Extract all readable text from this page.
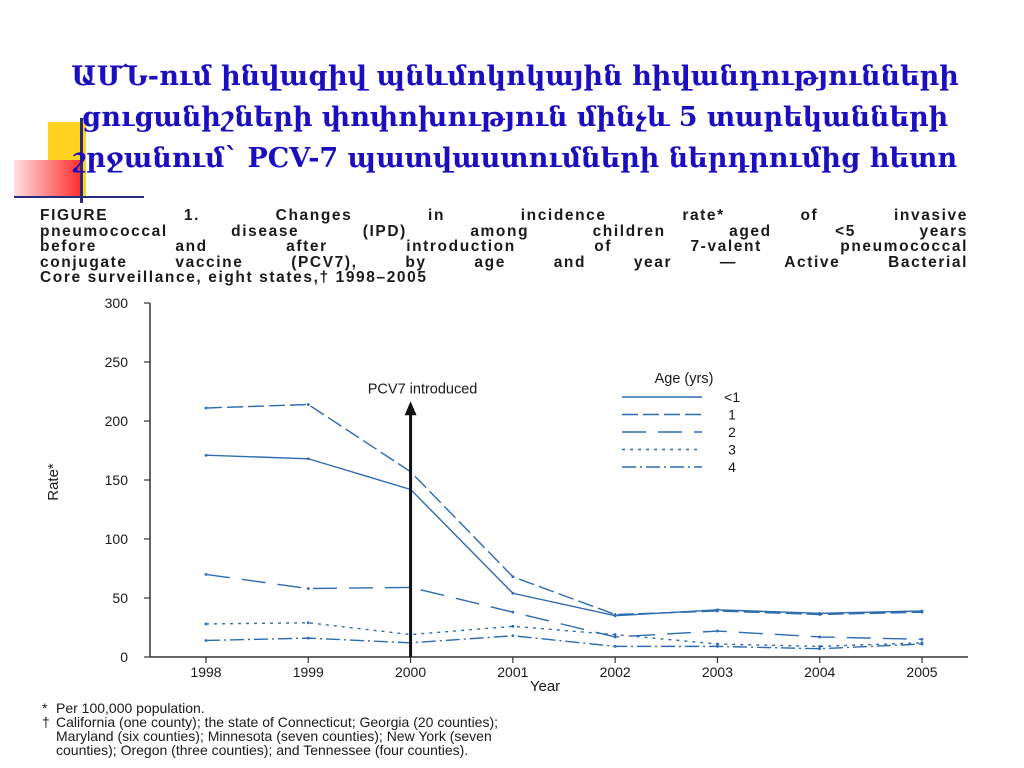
ԱՄՆ-ում ինվազիվ պնևմոկոկային հիվանդությունների
ցուցանիշների փոփոխություն մինչև 5 տարեկանների
շրջանում` PCV-7 պատվաստումների ներդրումից հետո
FIGURE 1. Changes in incidence rate* of invasive
pneumococcal disease (IPD) among children aged <5 years
before and after introduction of 7-valent pneumococcal
conjugate vaccine (PCV7), by age and year — Active Bacterial
Core surveillance, eight states,† 1998–2005
0
50
100
150
200
250
300
1998	1999	2000	2001	2002	2003	2004	2005
Year
Rate*
PCV7 introduced
Age (yrs)
<1
1
2
3
4
* Per 100,000 population.
† California (one county); the state of Connecticut; Georgia (20 counties);
Maryland (six counties); Minnesota (seven counties); New York (seven
counties); Oregon (three counties); and Tennessee (four counties).
